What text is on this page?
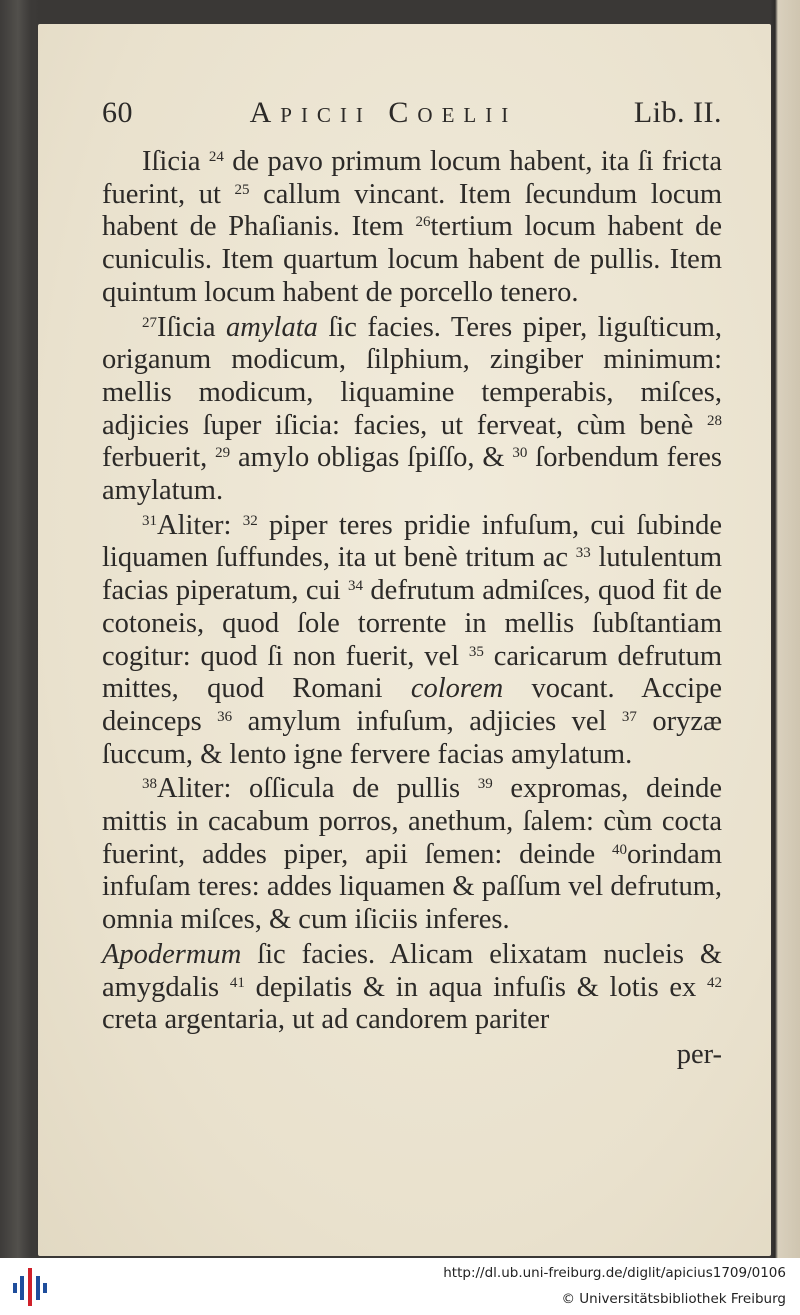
60	Apicii Coelii	Lib. II.

Iſicia $^{24}$ de pavo primum locum habent, ita ſi fricta fuerint, ut $^{25}$ callum vincant. Item ſecundum locum habent de Phaſianis. Item $^{26}$tertium locum habent de cuniculis. Item quartum locum habent de pullis. Item quintum locum habent de porcello tenero.

$^{27}$Iſicia amylata ſic facies. Teres piper, liguſticum, origanum modicum, ſilphium, zingiber minimum: mellis modicum, liquamine temperabis, miſces, adjicies ſuper iſicia: facies, ut ferveat, cùm benè $^{28}$ ferbuerit, $^{29}$ amylo obligas ſpiſſo, & $^{30}$ ſorbendum feres amylatum.

$^{31}$Aliter: $^{32}$ piper teres pridie infuſum, cui ſubinde liquamen ſuffundes, ita ut benè tritum ac $^{33}$ lutulentum facias piperatum, cui $^{34}$ defrutum admiſces, quod fit de cotoneis, quod ſole torrente in mellis ſubſtantiam cogitur: quod ſi non fuerit, vel $^{35}$ caricarum defrutum mittes, quod Romani colorem vocant. Accipe deinceps $^{36}$ amylum infuſum, adjicies vel $^{37}$ oryzæ ſuccum, & lento igne fervere facias amylatum.

$^{38}$Aliter: oſſicula de pullis $^{39}$ expromas, deinde mittis in cacabum porros, anethum, ſalem: cùm cocta fuerint, addes piper, apii ſemen: deinde $^{40}$orindam infuſam teres: addes liquamen & paſſum vel defrutum, omnia miſces, & cum iſiciis inferes.

Apodermum ſic facies. Alicam elixatam nucleis & amygdalis $^{41}$ depilatis & in aqua infuſis & lotis ex $^{42}$ creta argentaria, ut ad candorem pariter

per-
http://dl.ub.uni-freiburg.de/diglit/apicius1709/0106
© Universitätsbibliothek Freiburg
